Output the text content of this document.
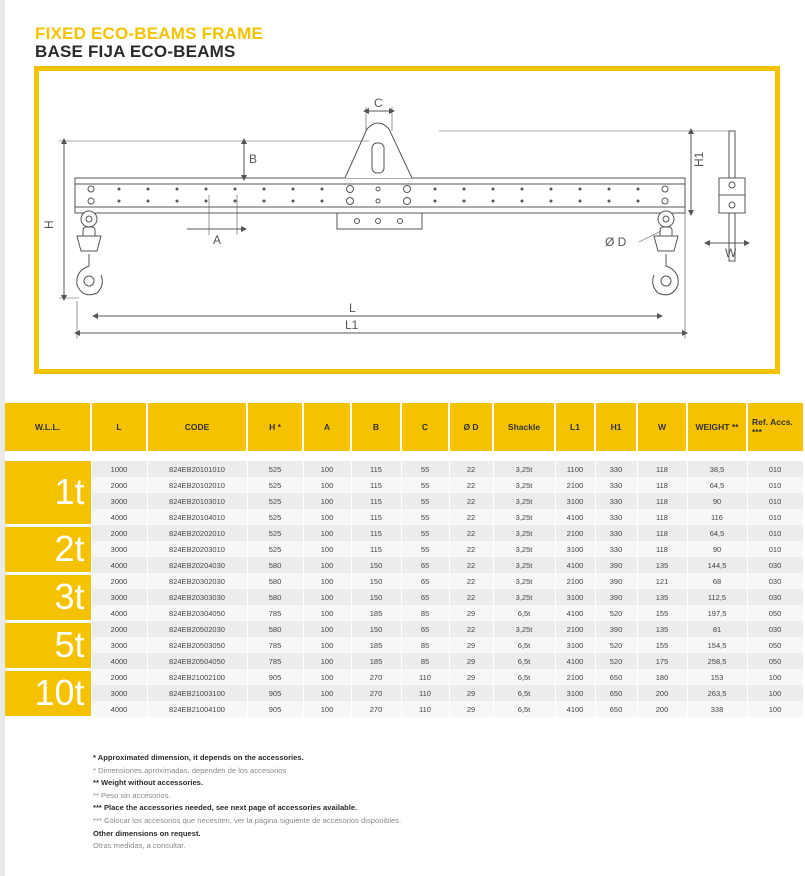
FIXED ECO-BEAMS FRAME
BASE FIJA ECO-BEAMS
B
C
H
H1
A	Ø D
W
L
L1
W.L.L.	L	CODE	H *	A	B	C	Ø D	Shackle	L1	H1	W	WEIGHT **	Ref. Accs. ***

1t	1000	824EB20101010	525	100	115	55	22	3,25t	1100	330	118	38,5	010
	2000	824EB20102010	525	100	115	55	22	3,25t	2100	330	118	64,5	010
	3000	824EB20103010	525	100	115	55	22	3,25t	3100	330	118	90	010
	4000	824EB20104010	525	100	115	55	22	3,25t	4100	330	118	116	010
2t	2000	824EB20202010	525	100	115	55	22	3,25t	2100	330	118	64,5	010
	3000	824EB20203010	525	100	115	55	22	3,25t	3100	330	118	90	010
	4000	824EB20204030	580	100	150	65	22	3,25t	4100	390	135	144,5	030
3t	2000	824EB20302030	580	100	150	65	22	3,25t	2100	390	121	68	030
	3000	824EB20303030	580	100	150	65	22	3,25t	3100	390	135	112,5	030
	4000	824EB20304050	785	100	185	85	29	6,5t	4100	520	155	197,5	050
5t	2000	824EB20502030	580	100	150	65	22	3,25t	2100	390	135	81	030
	3000	824EB20503050	785	100	185	85	29	6,5t	3100	520	155	154,5	050
	4000	824EB20504050	785	100	185	85	29	6,5t	4100	520	175	258,5	050
10t	2000	824EB21002100	905	100	270	110	29	6,5t	2100	650	180	153	100
	3000	824EB21003100	905	100	270	110	29	6,5t	3100	650	200	263,5	100
	4000	824EB21004100	905	100	270	110	29	6,5t	4100	650	200	338	100
* Approximated dimension, it depends on the accessories.
* Dimensiones aproximadas, dependen de los accesorios
** Weight without accessories.
** Peso sin accesorios.
*** Place the accessories needed, see next page of accessories available.
*** Colocar los accesorios que necesiten, ver la página siguiente de accesorios disponibles.
Other dimensions on request.
Otras medidas, a consultar.
